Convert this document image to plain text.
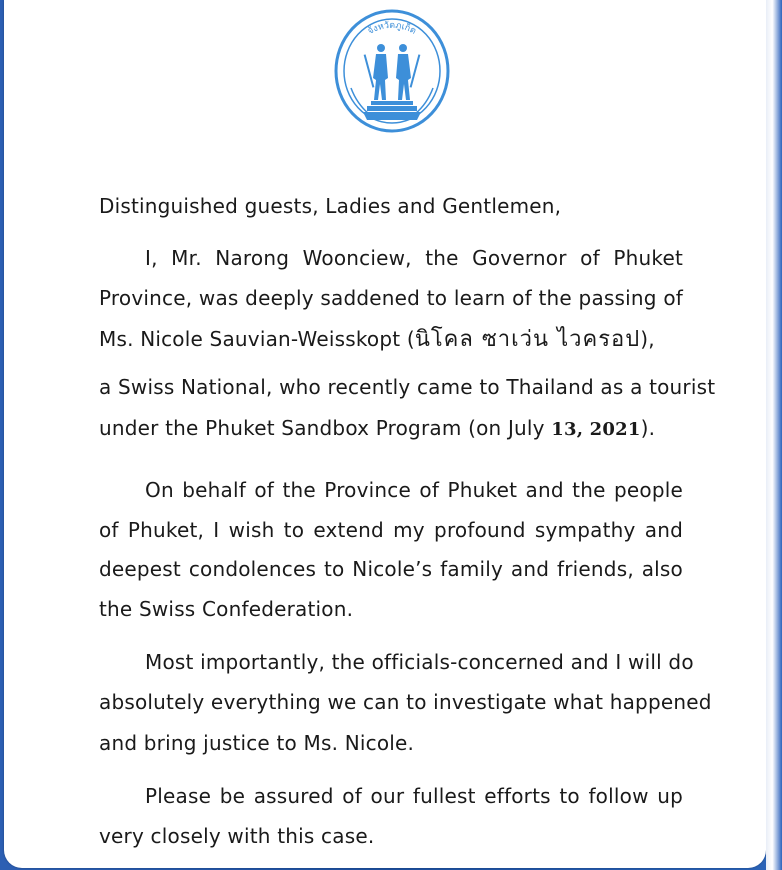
จังหวัดภูเก็ต
Distinguished guests, Ladies and Gentlemen,
I, Mr. Narong Woonciew, the Governor of Phuket
Province, was deeply saddened to learn of the passing of
Ms. Nicole Sauvian-Weisskopt (นิโคล ซาเว่น ไวครอป),
a Swiss National, who recently came to Thailand as a tourist
under the Phuket Sandbox Program (on July 13, 2021).
On behalf of the Province of Phuket and the people
of Phuket, I wish to extend my profound sympathy and
deepest condolences to Nicole’s family and friends, also
the Swiss Confederation.
Most importantly, the officials-concerned and I will do
absolutely everything we can to investigate what happened
and bring justice to Ms. Nicole.
Please be assured of our fullest efforts to follow up
very closely with this case.
